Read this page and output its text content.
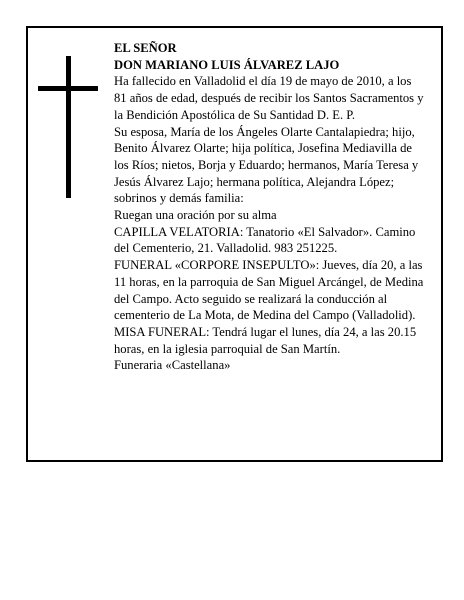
EL SEÑOR

DON MARIANO LUIS ÁLVAREZ LAJO

Ha fallecido en Valladolid el día 19 de mayo de 2010, a los 81 años de edad, después de recibir los Santos Sacramentos y la Bendición Apostólica de Su Santidad D. E. P.

Su esposa, María de los Ángeles Olarte Cantalapiedra; hijo, Benito Álvarez Olarte; hija política, Josefina Mediavilla de los Ríos; nietos, Borja y Eduardo; hermanos, María Teresa y Jesús Álvarez Lajo; hermana política, Alejandra López; sobrinos y demás familia:

Ruegan una oración por su alma

CAPILLA VELATORIA: Tanatorio «El Salvador». Camino del Cementerio, 21. Valladolid. 983 251225.

FUNERAL «CORPORE INSEPULTO»: Jueves, día 20, a las 11 horas, en la parroquia de San Miguel Arcángel, de Medina del Campo. Acto seguido se realizará la conducción al cementerio de La Mota, de Medina del Campo (Valladolid).

MISA FUNERAL: Tendrá lugar el lunes, día 24, a las 20.15 horas, en la iglesia parroquial de San Martín.

Funeraria «Castellana»
